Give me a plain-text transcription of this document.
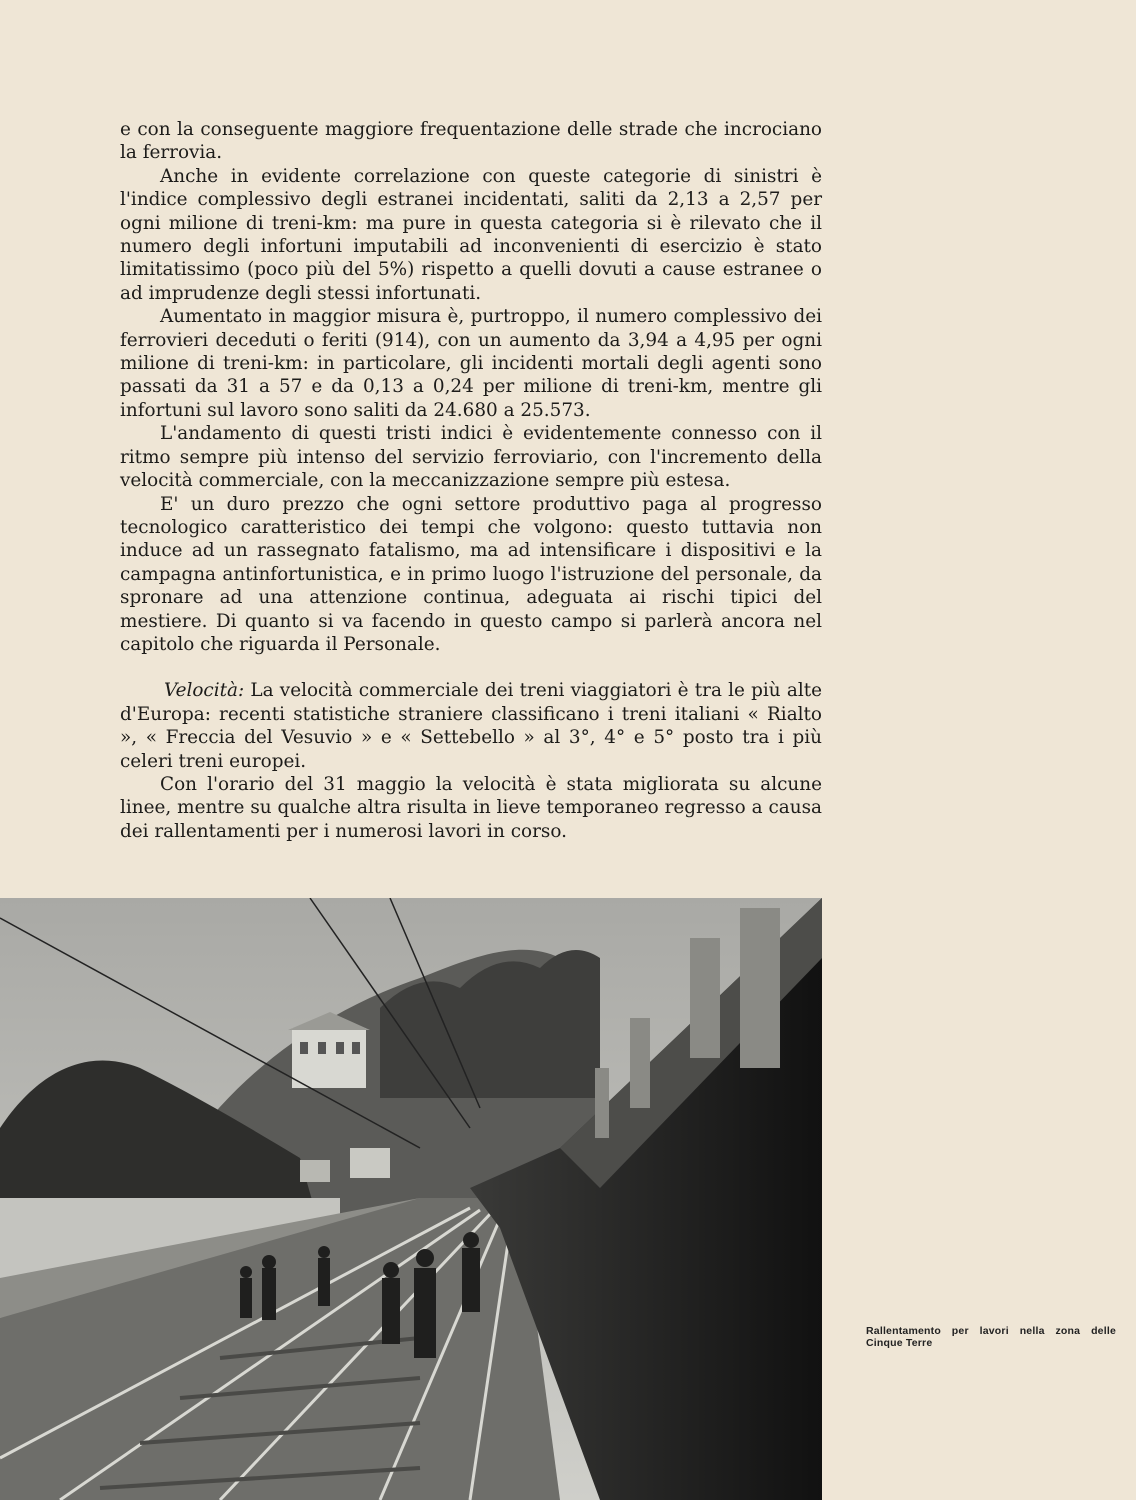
e con la conseguente maggiore frequentazione delle strade che incrociano la ferrovia.

Anche in evidente correlazione con queste categorie di sinistri è l'indice complessivo degli estranei incidentati, saliti da 2,13 a 2,57 per ogni milione di treni-km: ma pure in questa categoria si è rilevato che il numero degli infortuni imputabili ad inconvenienti di esercizio è stato limitatissimo (poco più del 5%) rispetto a quelli dovuti a cause estranee o ad imprudenze degli stessi infortunati.

Aumentato in maggior misura è, purtroppo, il numero complessivo dei ferrovieri deceduti o feriti (914), con un aumento da 3,94 a 4,95 per ogni milione di treni-km: in particolare, gli incidenti mortali degli agenti sono passati da 31 a 57 e da 0,13 a 0,24 per milione di treni-km, mentre gli infortuni sul lavoro sono saliti da 24.680 a 25.573.

L'andamento di questi tristi indici è evidentemente connesso con il ritmo sempre più intenso del servizio ferroviario, con l'incremento della velocità commerciale, con la meccanizzazione sempre più estesa.

E' un duro prezzo che ogni settore produttivo paga al progresso tecnologico caratteristico dei tempi che volgono: questo tuttavia non induce ad un rassegnato fatalismo, ma ad intensificare i dispositivi e la campagna antinfortunistica, e in primo luogo l'istruzione del personale, da spronare ad una attenzione continua, adeguata ai rischi tipici del mestiere. Di quanto si va facendo in questo campo si parlerà ancora nel capitolo che riguarda il Personale.

Velocità: La velocità commerciale dei treni viaggiatori è tra le più alte d'Europa: recenti statistiche straniere classificano i treni italiani « Rialto », « Freccia del Vesuvio » e « Settebello » al 3°, 4° e 5° posto tra i più celeri treni europei.

Con l'orario del 31 maggio la velocità è stata migliorata su alcune linee, mentre su qualche altra risulta in lieve temporaneo regresso a causa dei rallentamenti per i numerosi lavori in corso.

Rallentamento per lavori nella zona delle Cinque Terre
